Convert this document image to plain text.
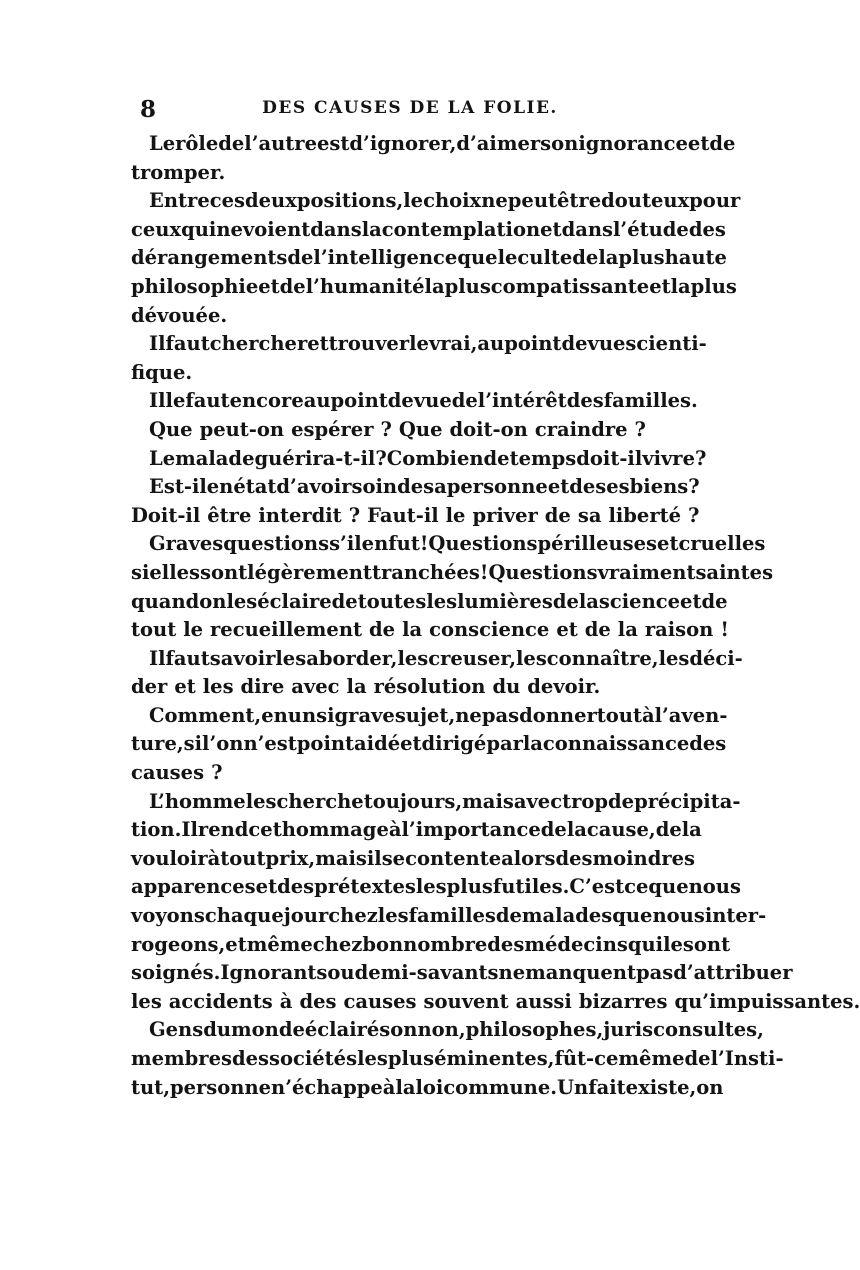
8	DES CAUSES DE LA FOLIE.
Le rôle de l’autre est d’ignorer, d’aimer son ignorance et de
tromper.
Entre ces deux positions, le choix ne peut être douteux pour
ceux qui ne voient dans la contemplation et dans l’étude des
dérangements de l’intelligence que le culte de la plus haute
philosophie et de l’humanité la plus compatissante et la plus
dévouée.
Il faut chercher et trouver le vrai, au point de vue scienti-
fique.
Il le faut encore au point de vue de l’intérêt des familles.
Que peut-on espérer ? Que doit-on craindre ?
Le malade guérira-t-il ? Combien de temps doit-il vivre ?
Est-il en état d’avoir soin de sa personne et de ses biens ?
Doit-il être interdit ? Faut-il le priver de sa liberté ?
Graves questions s’il en fut ! Questions périlleuses et cruelles
si elles sont légèrement tranchées ! Questions vraiment saintes
quand on les éclaire de toutes les lumières de la science et de
tout le recueillement de la conscience et de la raison !
Il faut savoir les aborder, les creuser, les connaître, les déci-
der et les dire avec la résolution du devoir.
Comment, en un si grave sujet, ne pas donner tout à l’aven-
ture, si l’on n’est point aidé et dirigé par la connaissance des
causes ?
L’homme les cherche toujours, mais avec trop de précipita-
tion. Il rend cet hommage à l’importance de la cause, de la
vouloir à tout prix, mais il se contente alors des moindres
apparences et des prétextes les plus futiles. C’est ce que nous
voyons chaque jour chez les familles de malades que nous inter-
rogeons, et même chez bon nombre des médecins qui les ont
soignés. Ignorants ou demi-savants ne manquent pas d’attribuer
les accidents à des causes souvent aussi bizarres qu’impuissantes.
Gens du monde éclairés on non, philosophes, jurisconsultes,
membres des sociétés les plus éminentes, fût-ce même de l’Insti-
tut, personne n’échappe à la loi commune. Un fait existe, on
